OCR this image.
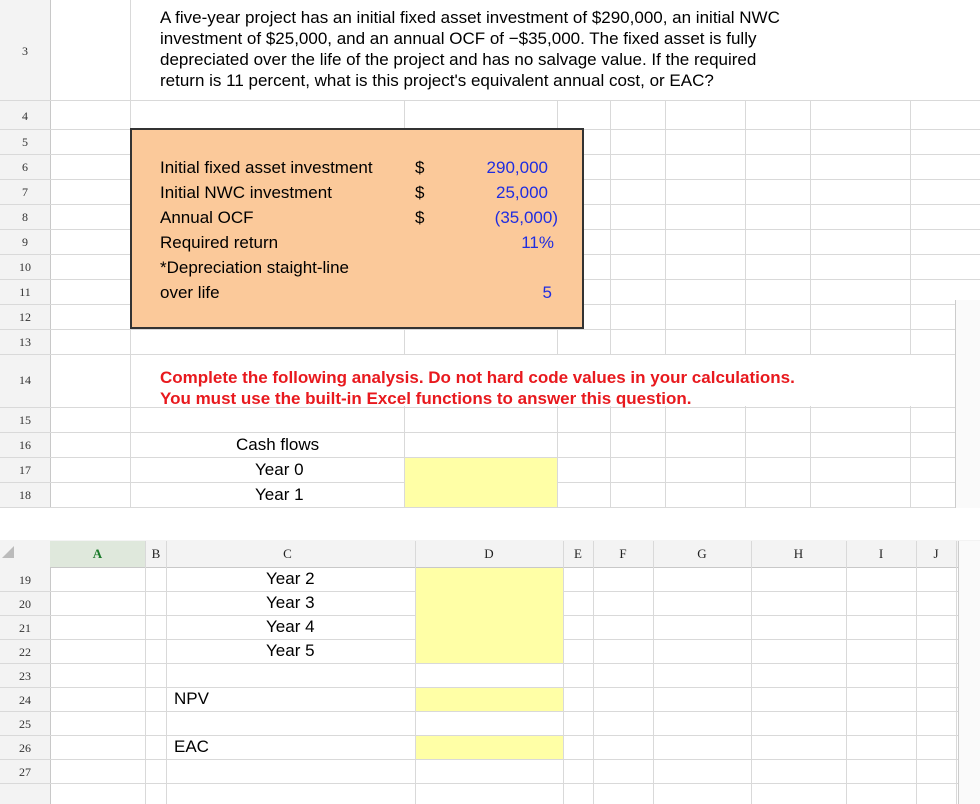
3
4
5
6
7
8
9
10
11
12
13
14
15
16
17
18
A five-year project has an initial fixed asset investment of $290,000, an initial NWC
investment of $25,000, and an annual OCF of −$35,000. The fixed asset is fully
depreciated over the life of the project and has no salvage value. If the required
return is 11 percent, what is this project's equivalent annual cost, or EAC?
Initial fixed asset investment $	290,000
Initial NWC investment	$	25,000
Annual OCF	$	(35,000)
Required return	11%
*Depreciation staight-line
over life	5
Complete the following analysis. Do not hard code values in your calculations.
You must use the built-in Excel functions to answer this question.
Cash flows
Year 0
Year 1
A	B	C	D	E	F	G	H	I	J
19
20
21
22
23
24
25
26
27
Year 2
Year 3
Year 4
Year 5
NPV
EAC
